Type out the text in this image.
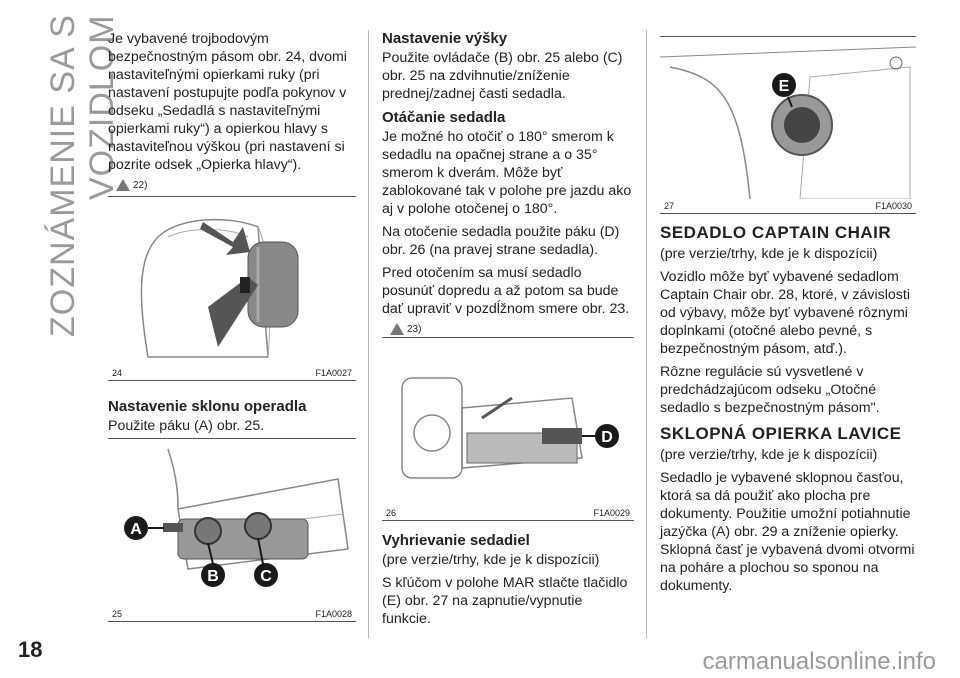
ZOZNÁMENIE SA S VOZIDLOM

Je vybavené trojbodovým bezpečnostným pásom obr. 24, dvomi nastaviteľnými opierkami ruky (pri nastavení postupujte podľa pokynov v odseku „Sedadlá s nastaviteľnými opierkami ruky“) a opierkou hlavy s nastaviteľnou výškou (pri nastavení si pozrite odsek „Opierka hlavy“).

22)
24	F1A0027
Nastavenie sklonu operadla

Použite páku (A) obr. 25.

A
B	C
25	F1A0028
Nastavenie výšky

Použite ovládače (B) obr. 25 alebo (C) obr. 25 na zdvihnutie/zníženie prednej/zadnej časti sedadla.

Otáčanie sedadla

Je možné ho otočiť o 180° smerom k sedadlu na opačnej strane a o 35° smerom k dverám. Môže byť zablokované tak v polohe pre jazdu ako aj v polohe otočenej o 180°.

Na otočenie sedadla použite páku (D) obr. 26 (na pravej strane sedadla).

Pred otočením sa musí sedadlo posunúť dopredu a až potom sa bude dať upraviť v pozdĺžnom smere obr. 23.

23)
D
26	F1A0029
Vyhrievanie sedadiel

(pre verzie/trhy, kde je k dispozícii)

S kľúčom v polohe MAR stlačte tlačidlo (E) obr. 27 na zapnutie/vypnutie funkcie.

E
27	F1A0030
SEDADLO CAPTAIN CHAIR

(pre verzie/trhy, kde je k dispozícii)

Vozidlo môže byť vybavené sedadlom Captain Chair obr. 28, ktoré, v závislosti od výbavy, môže byť vybavené rôznymi doplnkami (otočné alebo pevné, s bezpečnostným pásom, atď.).

Rôzne regulácie sú vysvetlené v predchádzajúcom odseku „Otočné sedadlo s bezpečnostným pásom".

SKLOPNÁ OPIERKA LAVICE

(pre verzie/trhy, kde je k dispozícii)

Sedadlo je vybavené sklopnou časťou, ktorá sa dá použiť ako plocha pre dokumenty. Použitie umožní potiahnutie jazýčka (A) obr. 29 a zníženie opierky. Sklopná časť je vybavená dvomi otvormi na poháre a plochou so sponou na dokumenty.

18	carmanualsonline.info
